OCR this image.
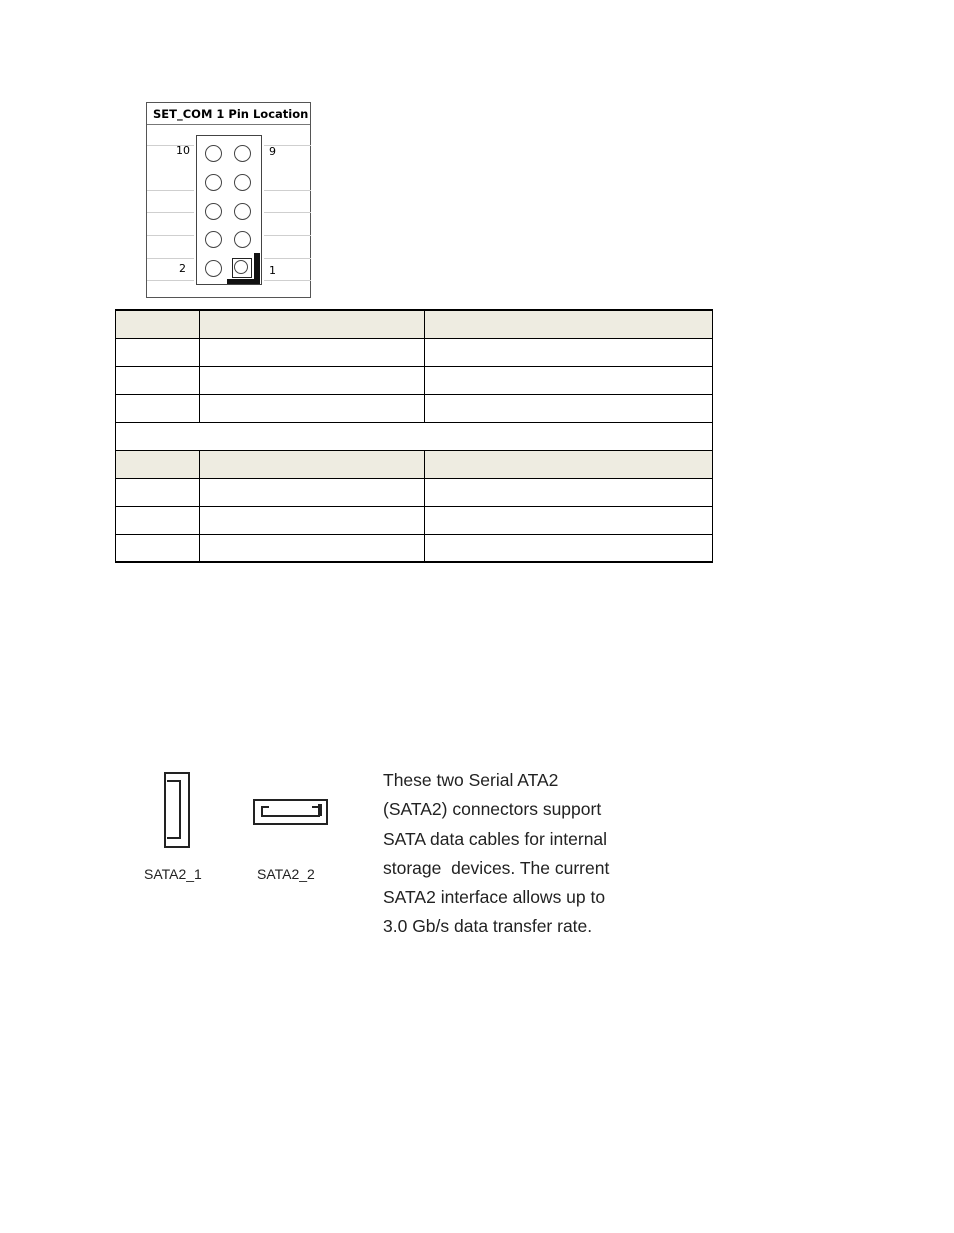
SET_COM 1 Pin Location
10	9
2	1

SATA2_1	SATA2_2
These two Serial ATA2
(SATA2) connectors support
SATA data cables for internal
storage  devices. The current
SATA2 interface allows up to
3.0 Gb/s data transfer rate.
